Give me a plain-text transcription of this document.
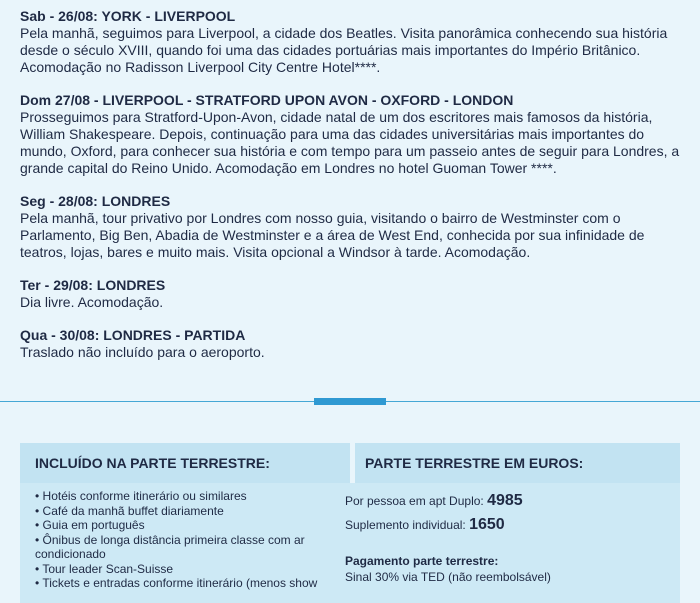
Sab - 26/08: YORK - LIVERPOOL
Pela manhã, seguimos para Liverpool, a cidade dos Beatles. Visita panorâmica conhecendo sua história desde o século XVIII, quando foi uma das cidades portuárias mais importantes do Império Britânico. Acomodação no Radisson Liverpool City Centre Hotel****.
Dom 27/08 - LIVERPOOL - STRATFORD UPON AVON - OXFORD - LONDON
Prosseguimos para Stratford-Upon-Avon, cidade natal de um dos escritores mais famosos da história, William Shakespeare. Depois, continuação para uma das cidades universitárias mais importantes do mundo, Oxford, para conhecer sua história e com tempo para um passeio antes de seguir para Londres, a grande capital do Reino Unido. Acomodação em Londres no hotel Guoman Tower ****.
Seg - 28/08: LONDRES
Pela manhã, tour privativo por Londres com nosso guia, visitando o bairro de Westminster com o Parlamento, Big Ben, Abadia de Westminster e a área de West End, conhecida por sua infinidade de teatros, lojas, bares e muito mais. Visita opcional a Windsor à tarde. Acomodação.
Ter - 29/08: LONDRES
Dia livre. Acomodação.
Qua - 30/08: LONDRES - PARTIDA
Traslado não incluído para o aeroporto.
INCLUÍDO NA PARTE TERRESTRE:	PARTE TERRESTRE EM EUROS:
• Hotéis conforme itinerário ou similares
• Café da manhã buffet diariamente
• Guia em português
• Ônibus de longa distância primeira classe com ar condicionado
• Tour leader Scan-Suisse
• Tickets e entradas conforme itinerário (menos show
Por pessoa em apt Duplo: 4985
Suplemento individual: 1650
Pagamento parte terrestre:
Sinal 30% via TED (não reembolsável)
